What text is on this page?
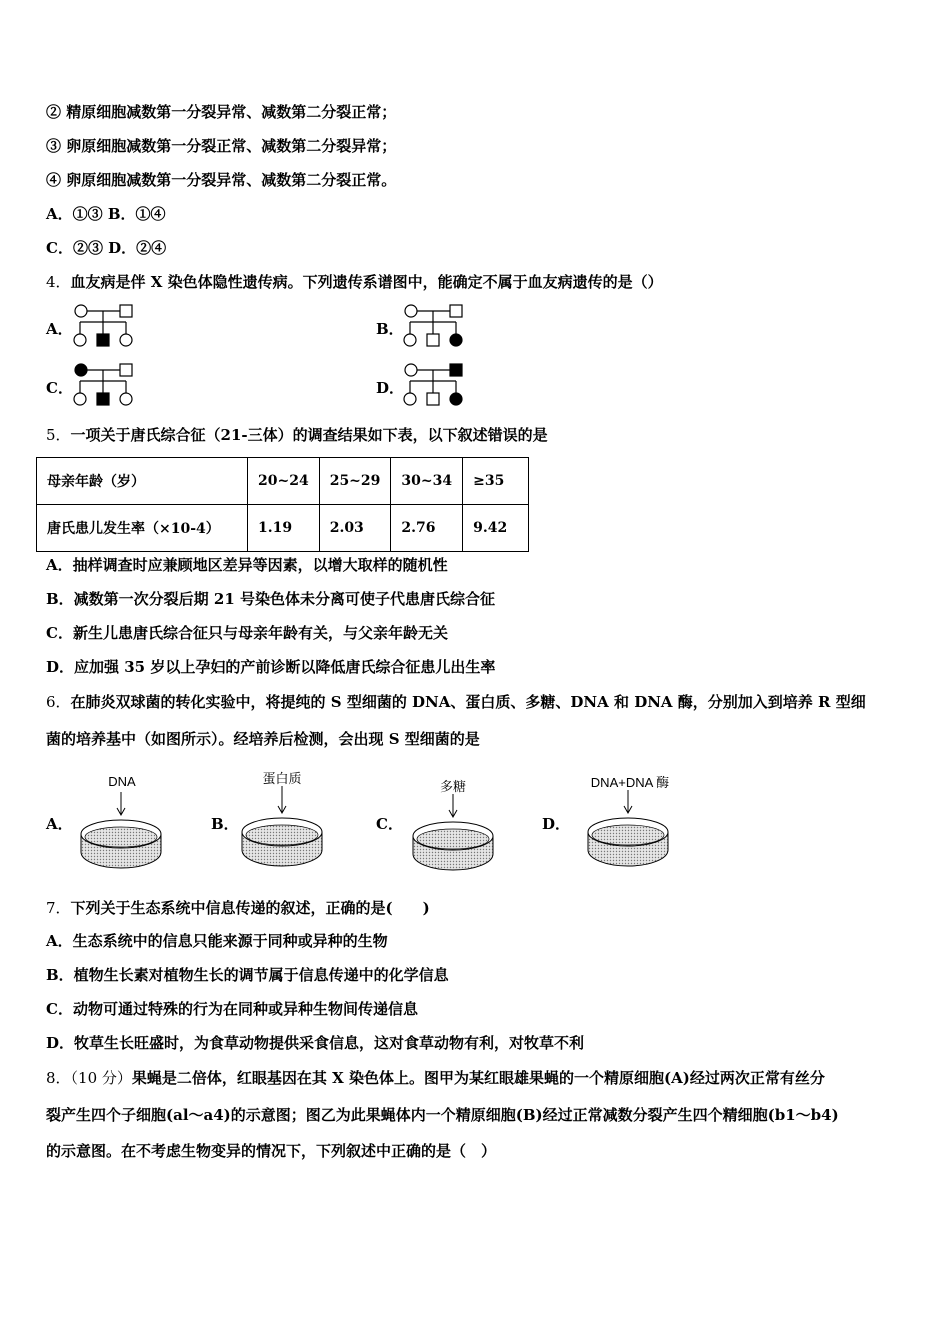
② 精原细胞减数第一分裂异常、减数第二分裂正常；
③ 卵原细胞减数第一分裂正常、减数第二分裂异常；
④ 卵原细胞减数第一分裂异常、减数第二分裂正常。
A．①③ B．①④
C．②③ D．②④
4．血友病是伴 X 染色体隐性遗传病。下列遗传系谱图中，能确定不属于血友病遗传的是（）
A．	B．
C．	D．
5．一项关于唐氏综合征（21-三体）的调查结果如下表，以下叙述错误的是
母亲年龄（岁）	20~24	25~29	30~34	≥35
唐氏患儿发生率（×10-4）	1.19	2.03	2.76	9.42
A．抽样调查时应兼顾地区差异等因素，以增大取样的随机性
B．减数第一次分裂后期 21 号染色体未分离可使子代患唐氏综合征
C．新生儿患唐氏综合征只与母亲年龄有关，与父亲年龄无关
D．应加强 35 岁以上孕妇的产前诊断以降低唐氏综合征患儿出生率
6．在肺炎双球菌的转化实验中，将提纯的 S 型细菌的 DNA、蛋白质、多糖、DNA 和 DNA 酶，分别加入到培养 R 型细
菌的培养基中（如图所示）。经培养后检测，会出现 S 型细菌的是
A．
DNA
B．
蛋白质
C．
多糖
D．
DNA+DNA 酶
7．下列关于生态系统中信息传递的叙述，正确的是(　　)
A．生态系统中的信息只能来源于同种或异种的生物
B．植物生长素对植物生长的调节属于信息传递中的化学信息
C．动物可通过特殊的行为在同种或异种生物间传递信息
D．牧草生长旺盛时，为食草动物提供采食信息，这对食草动物有利，对牧草不利
8．（10 分）果蝇是二倍体，红眼基因在其 X 染色体上。图甲为某红眼雄果蝇的一个精原细胞(A)经过两次正常有丝分
裂产生四个子细胞(al～a4)的示意图；图乙为此果蝇体内一个精原细胞(B)经过正常减数分裂产生四个精细胞(b1～b4)
的示意图。在不考虑生物变异的情况下，下列叙述中正确的是（　）
